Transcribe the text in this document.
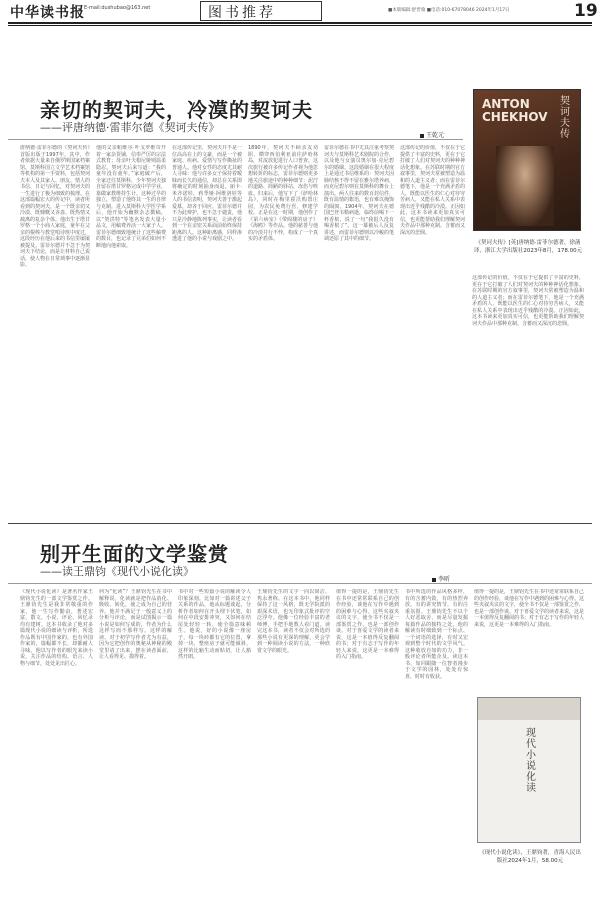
中华读书报 E-mail:dushubao@163.net	图书推荐	■本版编辑:舒晋瑜 ■电话:010-67078046 2024年1月17日	19
亲切的契诃夫，冷漠的契诃夫
——评唐纳德·雷菲尔德《契诃夫传》
王乾元
唐纳德·雷菲尔德的《契诃夫传》首版出版于1997年，其中，作者依据大量来自俄罗斯国家档案馆、莫斯科国立文学艺术档案馆等机构的第一手资料，包括契诃夫本人及其家人、朋友、情人的书信、日记与回忆，对契诃夫的一生进行了极为细致的梳理。在这部篇幅宏大的传记中，读者所看到的契诃夫，是一个既亲切又冷漠、既慷慨又吝啬、既热情又疏离的复杂个体。他出生于塔甘罗格一个小商人家庭，童年在父亲的棍棒与教堂唱诗班中度过，这段经历在他后来的书信里屡屡被提及。雷菲尔德并不急于为契诃夫下结论，而是让材料自己说话，使人物在日常琐事中逐渐显影。
他的父亲帕维尔·叶戈罗维奇开着一家杂货铺，信奉严厉的宗法式教育；母亲叶夫根尼娅则温柔隐忍。契诃夫后来写道：“我的童年没有童年。”家庭破产后，全家迁往莫斯科，少年契诃夫独自留在塔甘罗格完成中学学业，靠做家教维持生计。这种过早的独立，塑造了他终其一生的自律与克制。进入莫斯科大学医学系后，他开始为幽默杂志撰稿，以“契洪特”等笔名发表大量小品文，用稿费养活一大家子人。雷菲尔德细致地统计了这些稿费的数目，也记录了兄弟们如何不断地向他索取。
在这部传记里，契诃夫并不是一位高高在上的文豪，而是一个被家庭、疾病、爱情与写作撕扯的普通人。他对女性的态度尤其耐人寻味：他与许多女子保持着暧昧而长久的通信，却总在关系即将确定的时刻抽身而退。丽卡·米齐诺娃、莉季娅·阿维洛娃等人的书信表明，契诃夫善于激起爱慕，却吝于回应。雷菲尔德并不为此辩护，也不急于谴责，他只是冷静地陈列事实，让读者看到一个在亲密关系面前始终保持距离的人。这种距离感，同样渗透进了他的小说与戏剧之中。
1890年，契诃夫不顾亲友劝阻，横穿西伯利亚前往萨哈林岛，对流放犯进行人口普查。这次旅行被许多传记作者视为他思想转折的标志，雷菲尔德则更多地关注旅途中的种种细节：泥泞的道路、简陋的驿站、冻伤与咳血。归来后，他写下了《萨哈林岛》，同时在梅里霍沃购置庄园，为农民免费行医，修建学校。正是在这一时期，他创作了《第六病室》《带阁楼的房子》《海鸥》等作品。他的慈善与他的冷淡并行不悖，构成了一个真实的矛盾体。
雷菲尔德在书中尤其注重考察契诃夫与莫斯科艺术剧院的合作，以及他与女演员奥尔加·克尼碧尔的婚姻。这段婚姻在很大程度上是通过书信维系的：契诃夫因肺结核不得不留在雅尔塔养病，而克尼碧尔则在莫斯科的舞台上演出。两人往来的数百封信件，既有温情的絮语，也有难以掩饰的隔阂。1904年，契诃夫在德国巴登韦勒病逝，临终前喝下一杯香槟，说了一句“我很久没有喝香槟了”。这一幕被后人反复讲述，而雷菲尔德则以冷峻的笔调还原了其中的细节。
这部传记的价值，不仅在于它提供了丰富的史料，更在于它打破了人们对契诃夫的种种神话化想象。在苏联时期的官方叙事里，契诃夫常被塑造为温和的人道主义者；而在雷菲尔德笔下，他是一个充满矛盾的人，既能以医生的仁心对待穷苦病人，又能在私人关系中表现出近乎残酷的冷漠。正因如此，这本书读来更加真实可信，也更能帮助我们理解契诃夫作品中那种克制、含蓄而又深沉的悲悯。
ANTON
CHEKHOV
契诃夫传
《契诃夫传》[英]唐纳德·雷菲尔德著，徐菡译，浙江大学出版社2023年8月，178.00元
这部传记的价值，不仅在于它提供了丰富的史料，更在于它打破了人们对契诃夫的种种神话化想象。在苏联时期的官方叙事里，契诃夫常被塑造为温和的人道主义者；而在雷菲尔德笔下，他是一个充满矛盾的人，既能以医生的仁心对待穷苦病人，又能在私人关系中表现出近乎残酷的冷漠。正因如此，这本书读来更加真实可信，也更能帮助我们理解契诃夫作品中那种克制、含蓄而又深沉的悲悯。
别开生面的文学鉴赏
——读王鼎钧《现代小说化读》
李昕
《现代小说化读》是著名作家王鼎钧先生的一部文学鉴赏之作。王鼎钧先生是我非常敬重的作家，他一生写作勤奋，著述宏富，散文、小说、评论、回忆录均有建树。这本书收录了他对多篇现代小说的细读与评析，所选作品既有中国作家的，也有外国作家的，篇幅都不长，却都耐人寻味。他以写作者的眼光来读小说，关注作品的结构、语言、人物与细节，处处见出匠心。
何为“化读”？王鼎钧先生在书中解释说，化读就是把作品消化、吸收、转化，使之成为自己的营养。他并不满足于一般意义上的分析与评论，而是试图揭示一篇小说是如何写成的，作者为什么这样写而不那样写。这样的解读，对于初学写作者尤为有益，因为它把创作的奥秘从神秘的殿堂里请了出来，摆在读者面前，让人看得见、摸得着。
书中对一些短篇小说的解读令人印象深刻。比如对一篇讲述父子关系的作品，他从标题谈起，分析作者如何在开头埋下伏笔，如何在中段安排冲突，又如何在结尾处轻轻一转，使全篇意味顿生。他说，好的小说像一座房子，每一块砖都有它的位置，拿掉一块，整座房子就可能倾斜。这样的比喻生动而贴切，让人豁然开朗。
王鼎钧先生的文字一向以简洁、隽永著称。在这本书中，他同样保持了这一风格，既无学院派的艰深术语，也无印象式批评的空泛浮夸。他像一位经验丰富的老师傅，手把手地教人看门道。读完这本书，读者不仅会对所选的那些小说有更深的理解，更会学到一种阅读小说的方法，一种欣赏文学的眼光。
值得一提的是，王鼎钧先生在书中还常常联系自己的创作经验，谈他在写作中遇到的困难与心得。这些夹叙夹议的文字，使全书不仅是一部鉴赏之作，也是一部创作谈。对于喜爱文学的读者来说，这是一本值得反复翻阅的书；对于有志于写作的年轻人来说，这更是一本难得的入门指南。
书中所选的作品风格多样，有的含蓄内敛，有的热烈奔放，有的讲究情节，有的注重氛围。王鼎钧先生不以个人好恶取舍，而是尽量发掘每篇作品的独特之处。他的解读有时细致到一个标点、一个词语的选择，有时又宏观到整个时代的文学风气。这种收放自如的功力，非一般评论者所能企及。读这本书，如同跟随一位智者漫步于文学的园林，处处有惊喜，时时有收获。
值得一提的是，王鼎钧先生在书中还常常联系自己的创作经验，谈他在写作中遇到的困难与心得。这些夹叙夹议的文字，使全书不仅是一部鉴赏之作，也是一部创作谈。对于喜爱文学的读者来说，这是一本值得反复翻阅的书；对于有志于写作的年轻人来说，这更是一本难得的入门指南。
现代小说化读
《现代小说化读》，王鼎钧著，青海人民出版社2024年1月，58.00元
